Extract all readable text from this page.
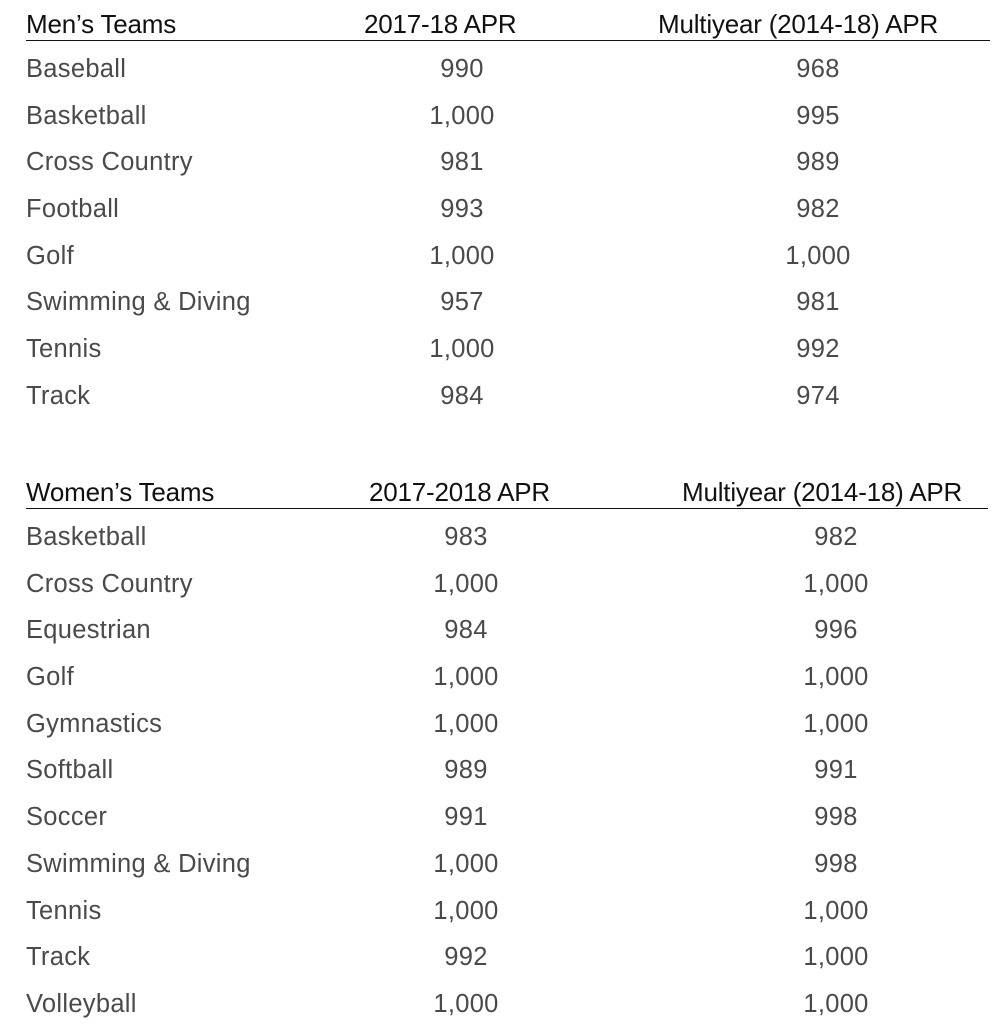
Men’s Teams	2017-18 APR	Multiyear (2014-18) APR
Baseball	990	968
Basketball	1,000	995
Cross Country	981	989
Football	993	982
Golf	1,000	1,000
Swimming & Diving	957	981
Tennis	1,000	992
Track	984	974
Women’s Teams	2017-2018 APR	Multiyear (2014-18) APR
Basketball	983	982
Cross Country	1,000	1,000
Equestrian	984	996
Golf	1,000	1,000
Gymnastics	1,000	1,000
Softball	989	991
Soccer	991	998
Swimming & Diving	1,000	998
Tennis	1,000	1,000
Track	992	1,000
Volleyball	1,000	1,000
